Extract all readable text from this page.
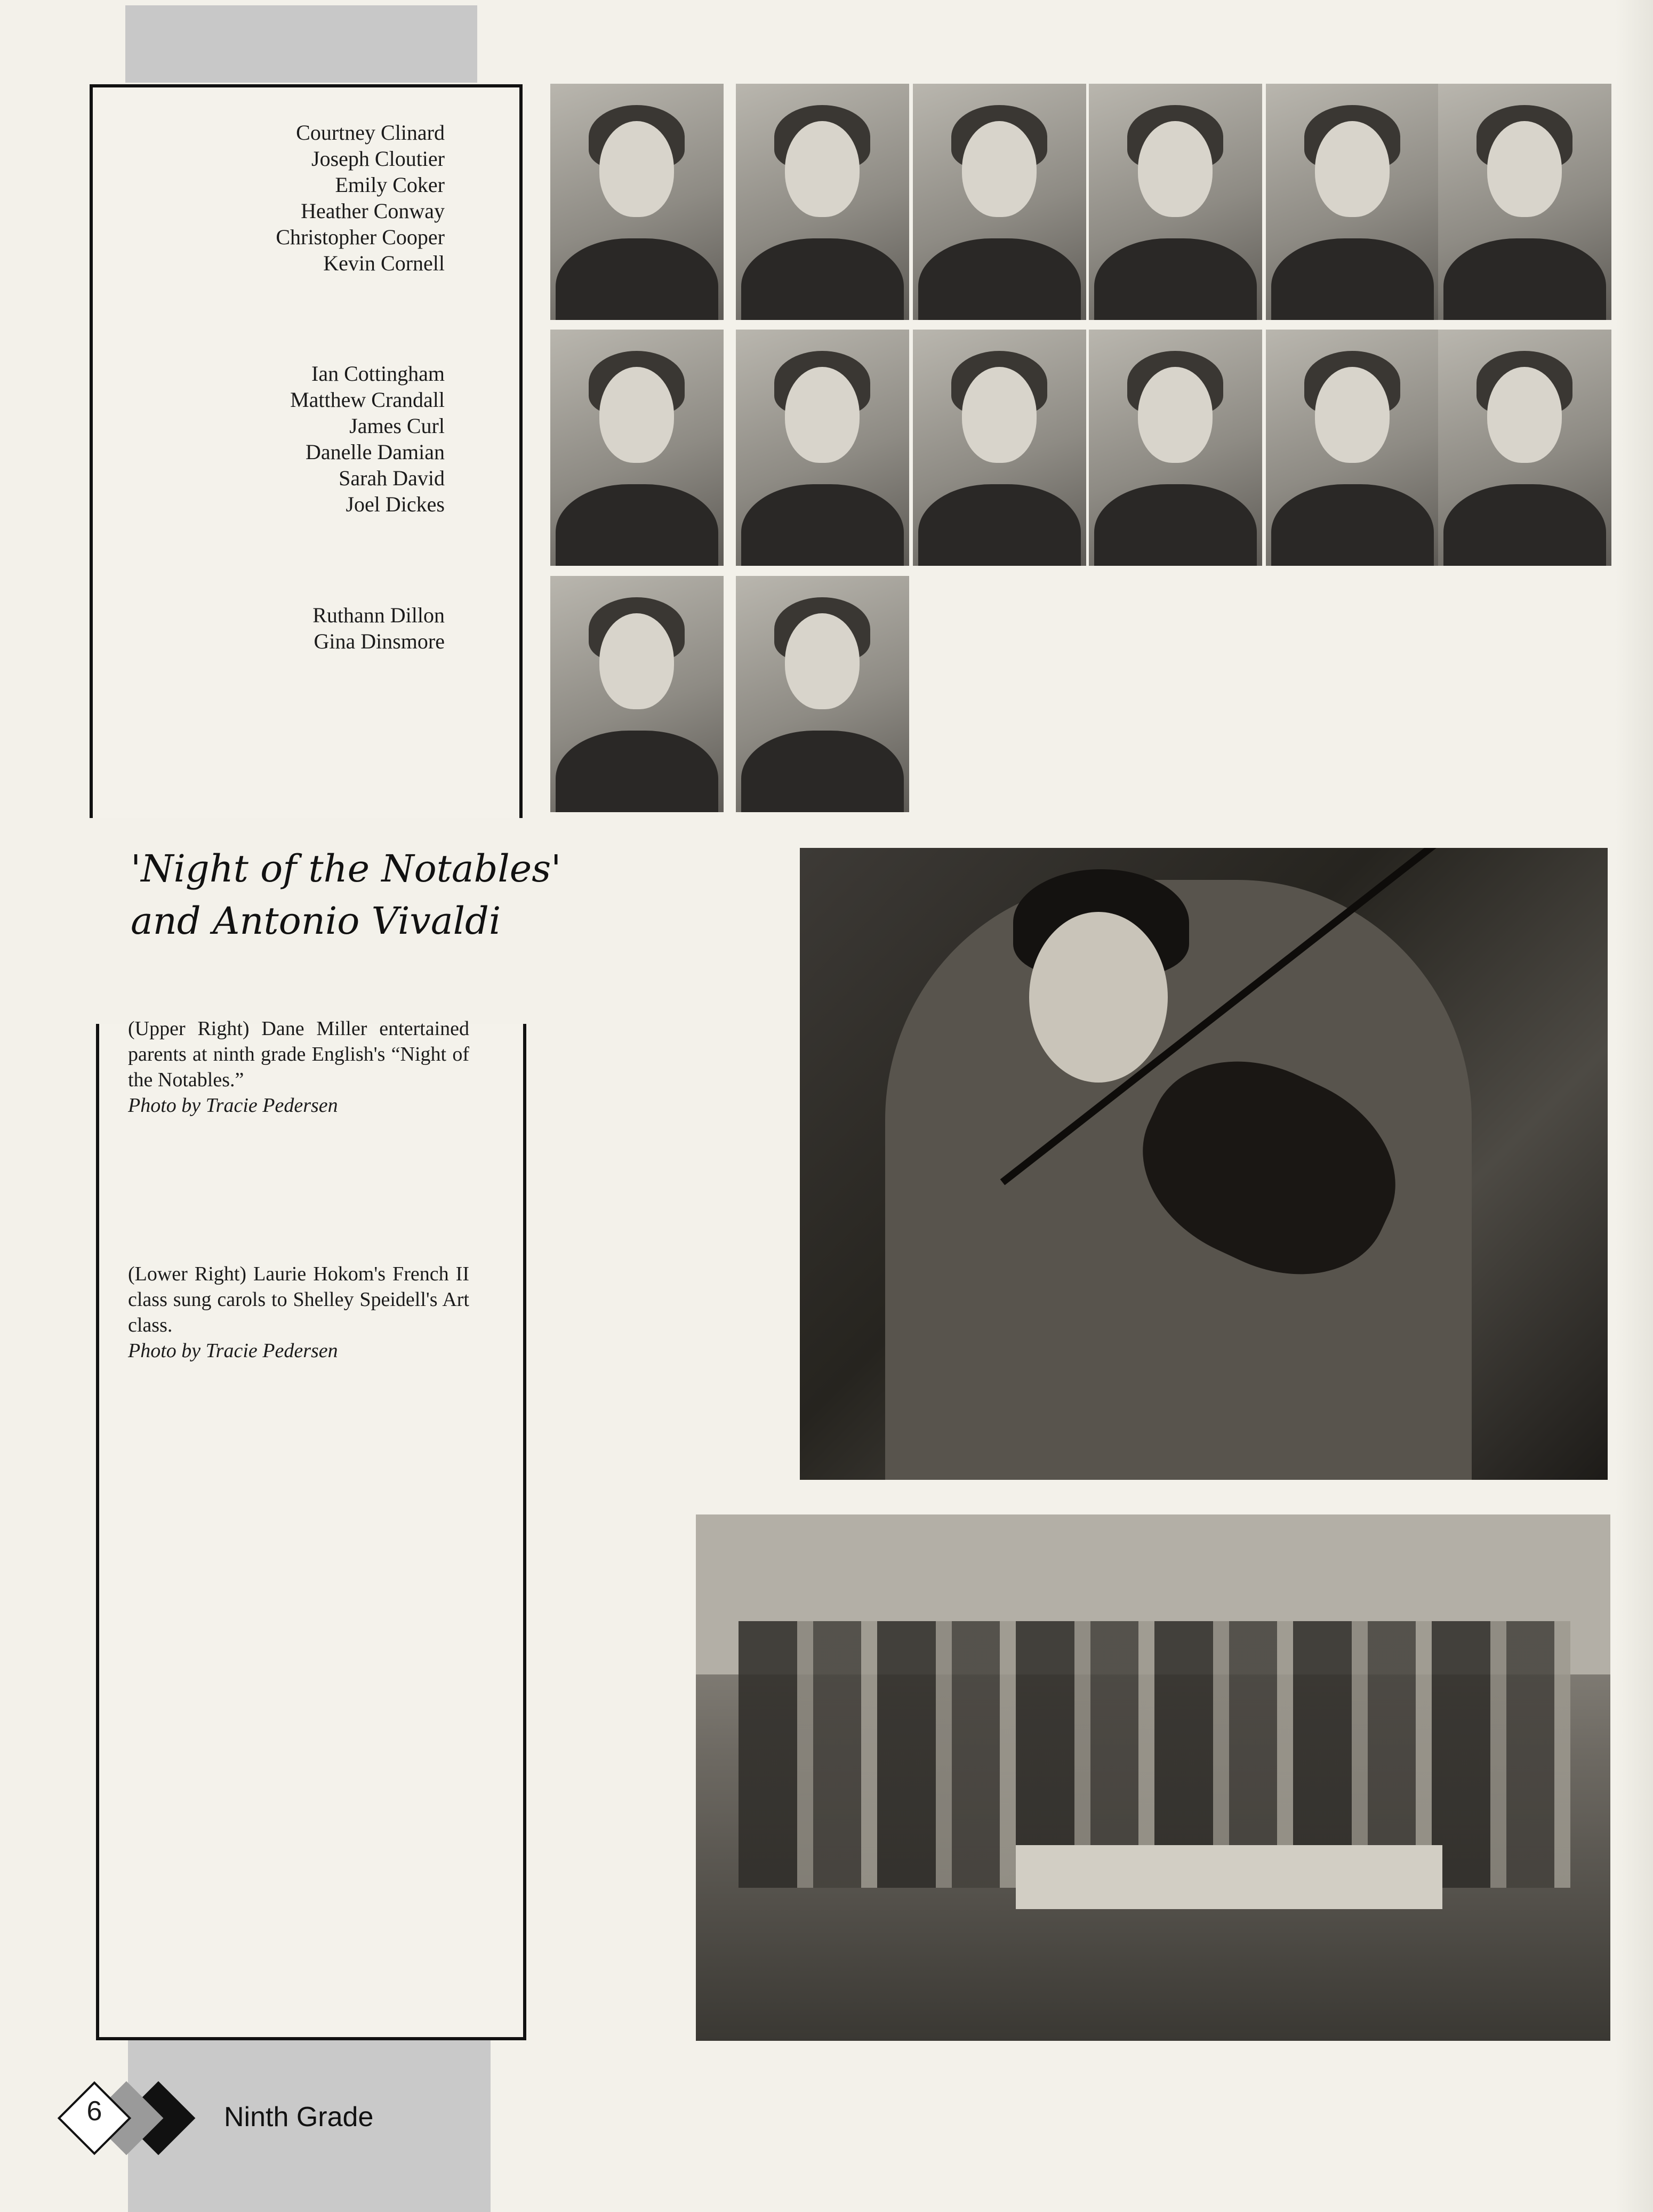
Courtney Clinard
Joseph Cloutier
Emily Coker
Heather Conway
Christopher Cooper
Kevin Cornell
Ian Cottingham
Matthew Crandall
James Curl
Danelle Damian
Sarah David
Joel Dickes
Ruthann Dillon
Gina Dinsmore
'Night of the Notables'
and Antonio Vivaldi
(Upper Right) Dane Miller entertained parents at ninth grade English's “Night of the Notables.”
Photo by Tracie Pedersen
(Lower Right) Laurie Hokom's French II class sung carols to Shelley Speidell's Art class.
Photo by Tracie Pedersen
6	Ninth Grade
